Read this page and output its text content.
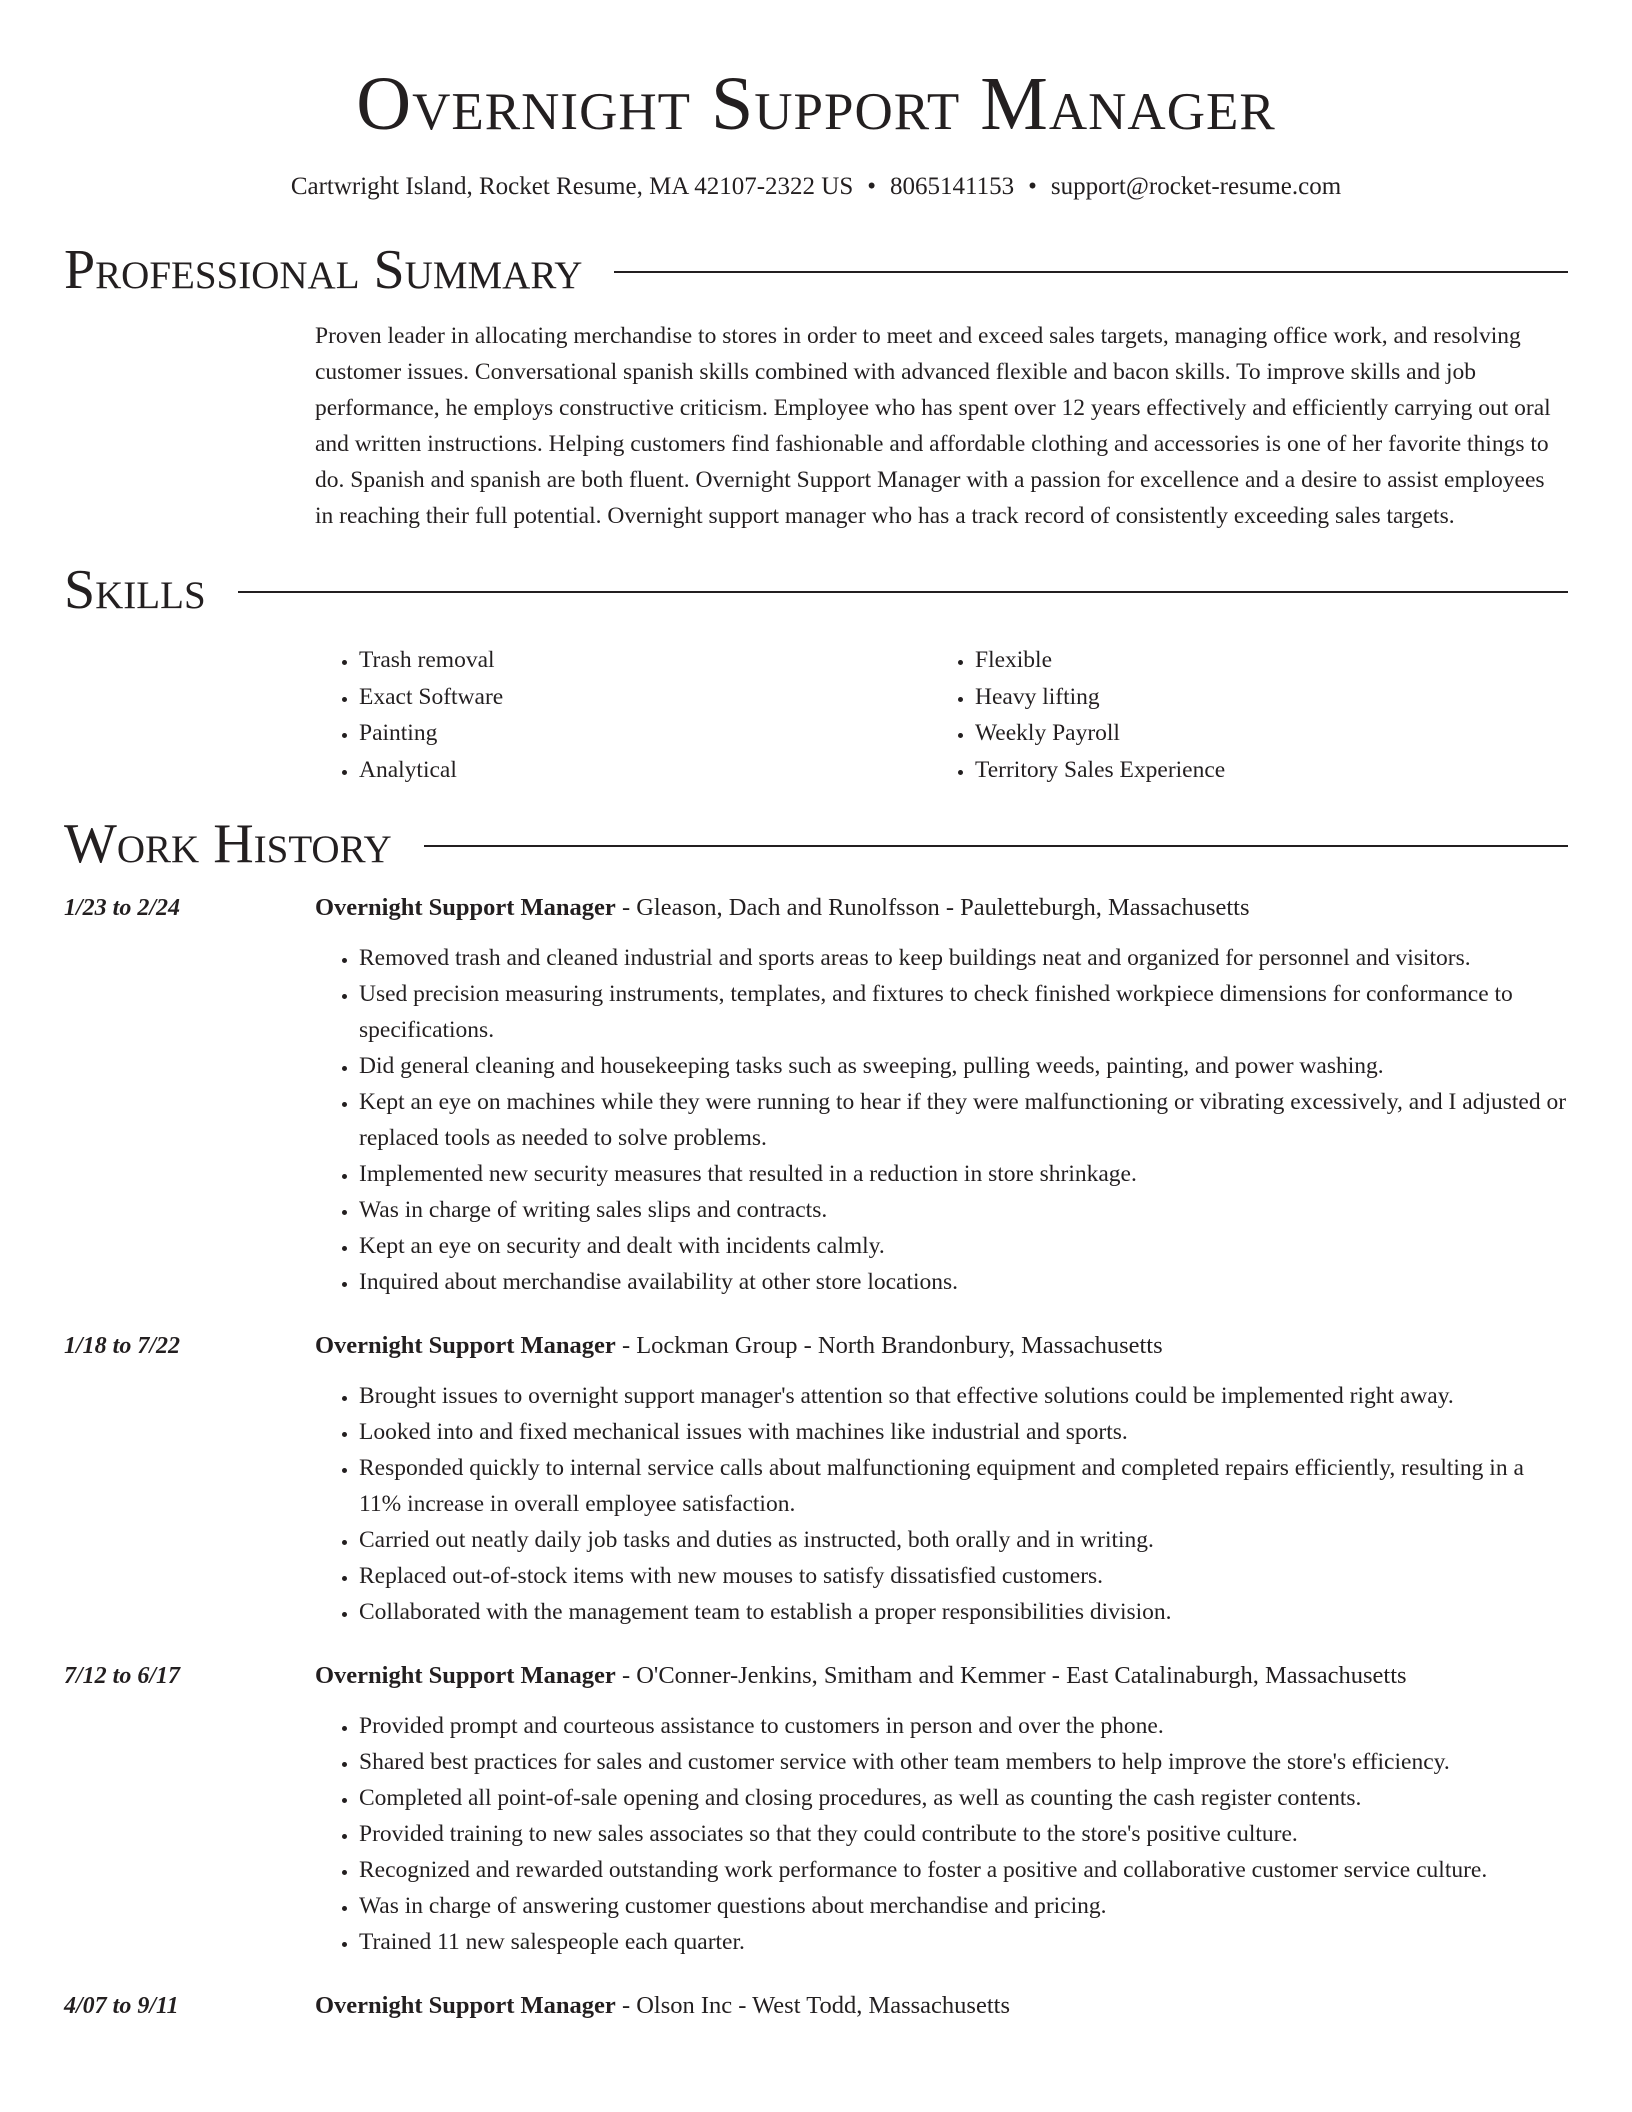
Overnight Support Manager
Cartwright Island, Rocket Resume, MA 42107-2322 US • 8065141153 • support@rocket-resume.com
Professional Summary
Proven leader in allocating merchandise to stores in order to meet and exceed sales targets, managing office work, and resolving customer issues. Conversational spanish skills combined with advanced flexible and bacon skills. To improve skills and job performance, he employs constructive criticism. Employee who has spent over 12 years effectively and efficiently carrying out oral and written instructions. Helping customers find fashionable and affordable clothing and accessories is one of her favorite things to do. Spanish and spanish are both fluent. Overnight Support Manager with a passion for excellence and a desire to assist employees in reaching their full potential. Overnight support manager who has a track record of consistently exceeding sales targets.
Skills
• Trash removal
• Exact Software
• Painting
• Analytical
• Flexible
• Heavy lifting
• Weekly Payroll
• Territory Sales Experience
Work History
1/23 to 2/24	Overnight Support Manager - Gleason, Dach and Runolfsson - Pauletteburgh, Massachusetts
• Removed trash and cleaned industrial and sports areas to keep buildings neat and organized for personnel and visitors.
• Used precision measuring instruments, templates, and fixtures to check finished workpiece dimensions for conformance to specifications.
• Did general cleaning and housekeeping tasks such as sweeping, pulling weeds, painting, and power washing.
• Kept an eye on machines while they were running to hear if they were malfunctioning or vibrating excessively, and I adjusted or replaced tools as needed to solve problems.
• Implemented new security measures that resulted in a reduction in store shrinkage.
• Was in charge of writing sales slips and contracts.
• Kept an eye on security and dealt with incidents calmly.
• Inquired about merchandise availability at other store locations.
1/18 to 7/22	Overnight Support Manager - Lockman Group - North Brandonbury, Massachusetts
• Brought issues to overnight support manager's attention so that effective solutions could be implemented right away.
• Looked into and fixed mechanical issues with machines like industrial and sports.
• Responded quickly to internal service calls about malfunctioning equipment and completed repairs efficiently, resulting in a 11% increase in overall employee satisfaction.
• Carried out neatly daily job tasks and duties as instructed, both orally and in writing.
• Replaced out-of-stock items with new mouses to satisfy dissatisfied customers.
• Collaborated with the management team to establish a proper responsibilities division.
7/12 to 6/17	Overnight Support Manager - O'Conner-Jenkins, Smitham and Kemmer - East Catalinaburgh, Massachusetts
• Provided prompt and courteous assistance to customers in person and over the phone.
• Shared best practices for sales and customer service with other team members to help improve the store's efficiency.
• Completed all point-of-sale opening and closing procedures, as well as counting the cash register contents.
• Provided training to new sales associates so that they could contribute to the store's positive culture.
• Recognized and rewarded outstanding work performance to foster a positive and collaborative customer service culture.
• Was in charge of answering customer questions about merchandise and pricing.
• Trained 11 new salespeople each quarter.
4/07 to 9/11	Overnight Support Manager - Olson Inc - West Todd, Massachusetts
